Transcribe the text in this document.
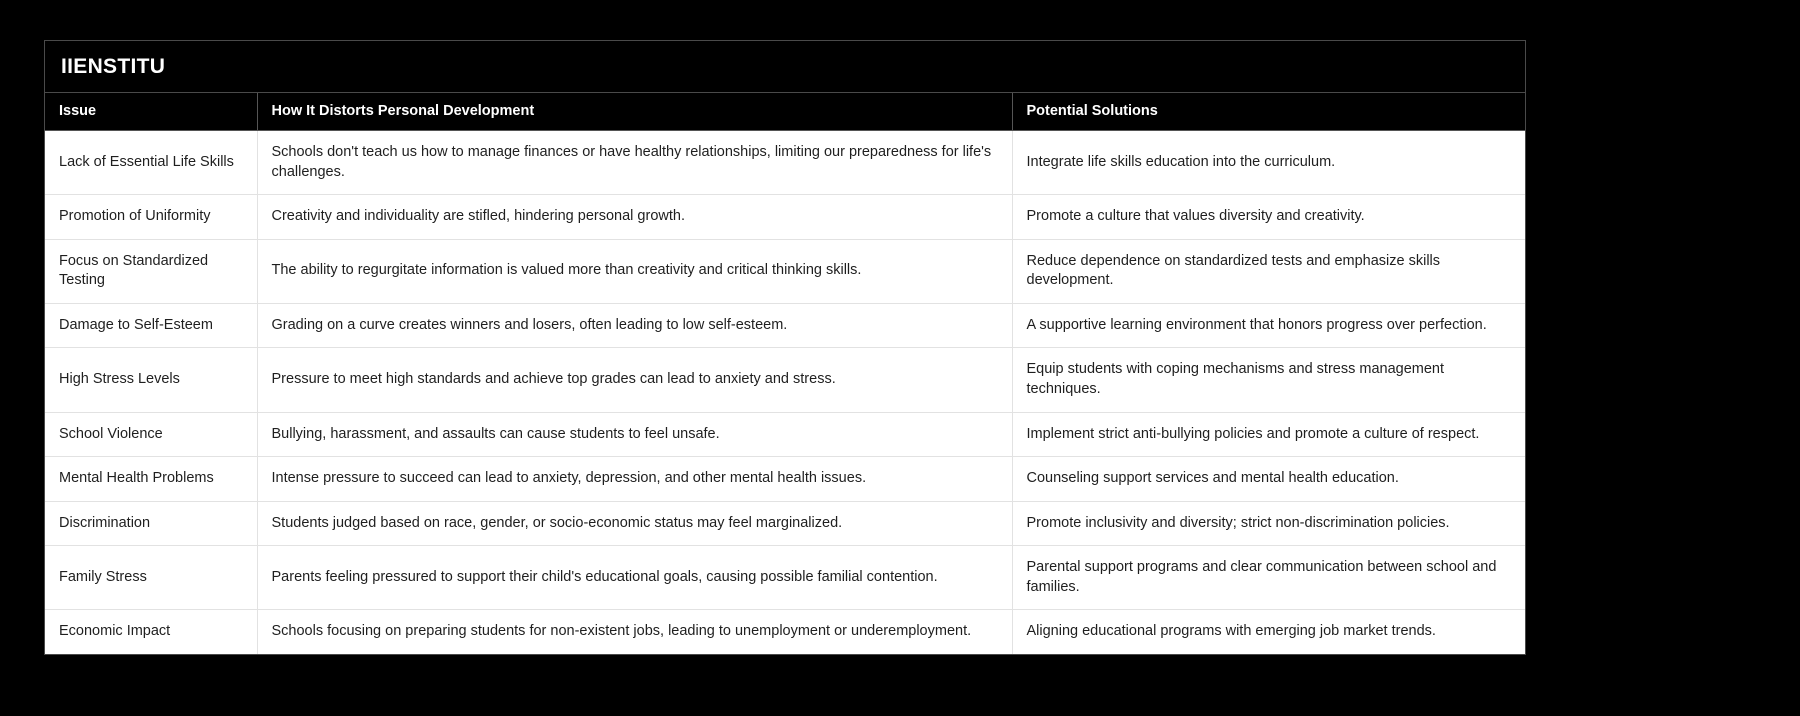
IIENSTITU
Issue	How It Distorts Personal Development	Potential Solutions
Lack of Essential Life Skills	Schools don't teach us how to manage finances or have healthy relationships, limiting our preparedness for life's challenges.	Integrate life skills education into the curriculum.
Promotion of Uniformity	Creativity and individuality are stifled, hindering personal growth.	Promote a culture that values diversity and creativity.
Focus on Standardized Testing	The ability to regurgitate information is valued more than creativity and critical thinking skills.	Reduce dependence on standardized tests and emphasize skills development.
Damage to Self-Esteem	Grading on a curve creates winners and losers, often leading to low self-esteem.	A supportive learning environment that honors progress over perfection.
High Stress Levels	Pressure to meet high standards and achieve top grades can lead to anxiety and stress.	Equip students with coping mechanisms and stress management techniques.
School Violence	Bullying, harassment, and assaults can cause students to feel unsafe.	Implement strict anti-bullying policies and promote a culture of respect.
Mental Health Problems	Intense pressure to succeed can lead to anxiety, depression, and other mental health issues.	Counseling support services and mental health education.
Discrimination	Students judged based on race, gender, or socio-economic status may feel marginalized.	Promote inclusivity and diversity; strict non-discrimination policies.
Family Stress	Parents feeling pressured to support their child's educational goals, causing possible familial contention.	Parental support programs and clear communication between school and families.
Economic Impact	Schools focusing on preparing students for non-existent jobs, leading to unemployment or underemployment.	Aligning educational programs with emerging job market trends.
